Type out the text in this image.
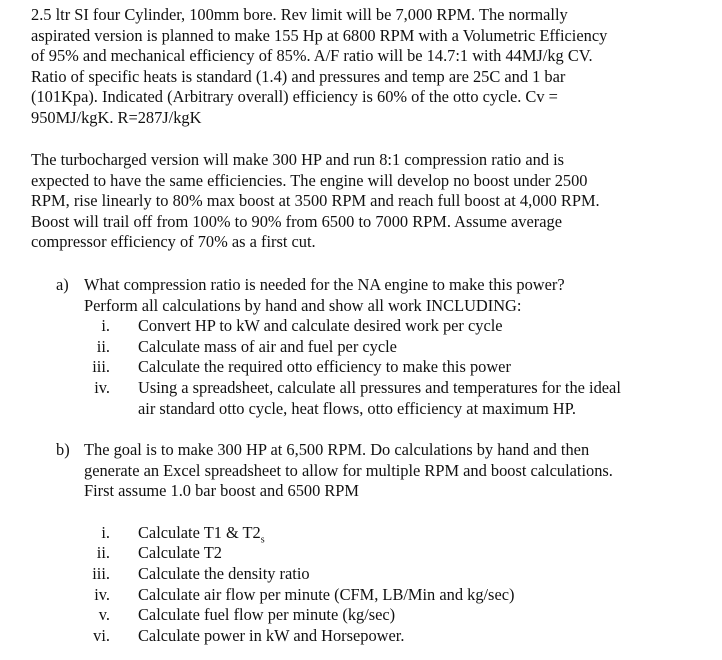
2.5 ltr SI four Cylinder, 100mm bore. Rev limit will be 7,000 RPM. The normally
aspirated version is planned to make 155 Hp at 6800 RPM with a Volumetric Efficiency
of 95% and mechanical efficiency of 85%. A/F ratio will be 14.7:1 with 44MJ/kg CV.
Ratio of specific heats is standard (1.4) and pressures and temp are 25C and 1 bar
(101Kpa). Indicated (Arbitrary overall) efficiency is 60% of the otto cycle. Cv =
950MJ/kgK. R=287J/kgK
The turbocharged version will make 300 HP and run 8:1 compression ratio and is
expected to have the same efficiencies. The engine will develop no boost under 2500
RPM, rise linearly to 80% max boost at 3500 RPM and reach full boost at 4,000 RPM.
Boost will trail off from 100% to 90% from 6500 to 7000 RPM. Assume average
compressor efficiency of 70% as a first cut.
a) What compression ratio is needed for the NA engine to make this power?
Perform all calculations by hand and show all work INCLUDING:
i. Convert HP to kW and calculate desired work per cycle
ii. Calculate mass of air and fuel per cycle
iii. Calculate the required otto efficiency to make this power
iv. Using a spreadsheet, calculate all pressures and temperatures for the ideal
air standard otto cycle, heat flows, otto efficiency at maximum HP.
b) The goal is to make 300 HP at 6,500 RPM. Do calculations by hand and then
generate an Excel spreadsheet to allow for multiple RPM and boost calculations.
First assume 1.0 bar boost and 6500 RPM
i. Calculate T1 & $T2_s$
ii. Calculate T2
iii. Calculate the density ratio
iv. Calculate air flow per minute (CFM, LB/Min and kg/sec)
v. Calculate fuel flow per minute (kg/sec)
vi. Calculate power in kW and Horsepower.
